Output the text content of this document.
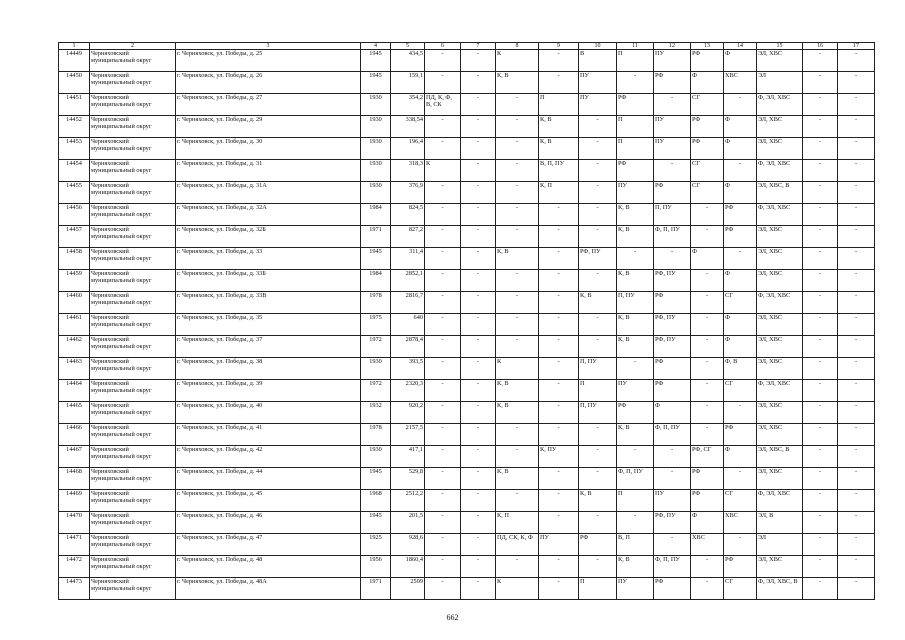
1	2	3	4	5	6	7	8	9	10	11	12	13	14	15	16	17
14449	Черняховский муниципальный округ	г. Черняховск, ул. Победы, д. 25	1945	434,5	-	-	К	-	В	П	ПУ	РФ	Ф	ЭЛ, ХВС	-	-
14450	Черняховский муниципальный округ	г. Черняховск, ул. Победы, д. 26	1945	159,1	-	-	К, В	-	ПУ	-	РФ	Ф	ХВС	ЭЛ	-	-
14451	Черняховский муниципальный округ	г. Черняховск, ул. Победы, д. 27	1930	354,2	ПД, К, Ф, В, СК	-	-	П	ПУ	РФ	-	СГ	-	Ф, ЭЛ, ХВС	-	-
14452	Черняховский муниципальный округ	г. Черняховск, ул. Победы, д. 29	1930	338,54	-	-	-	К, В	-	П	ПУ	РФ	Ф	ЭЛ, ХВС	-	-
14453	Черняховский муниципальный округ	г. Черняховск, ул. Победы, д. 30	1930	196,4	-	-	-	К, В	-	П	ПУ	РФ	Ф	ЭЛ, ХВС	-	-
14454	Черняховский муниципальный округ	г. Черняховск, ул. Победы, д. 31	1930	318,3	К	-	-	В, П, ПУ	-	РФ	-	СГ	-	Ф, ЭЛ, ХВС	-	-
14455	Черняховский муниципальный округ	г. Черняховск, ул. Победы, д. 31А	1930	376,9	-	-	-	К, П	-	ПУ	РФ	СГ	Ф	ЭЛ, ХВС, В	-	-
14456	Черняховский муниципальный округ	г. Черняховск, ул. Победы, д. 32А	1984	824,5	-	-	-	-	-	К, В	П, ПУ	-	РФ	Ф, ЭЛ, ХВС	-	-
14457	Черняховский муниципальный округ	г. Черняховск, ул. Победы, д. 32Б	1971	827,2	-	-	-	-	-	К, В	Ф, П, ПУ	-	РФ	ЭЛ, ХВС	-	-
14458	Черняховский муниципальный округ	г. Черняховск, ул. Победы, д. 33	1945	311,4	-	-	К, В	-	РФ, ПУ	-	-	Ф	-	ЭЛ, ХВС	-	-
14459	Черняховский муниципальный округ	г. Черняховск, ул. Победы, д. 33Б	1984	2852,1	-	-	-	-	-	К, В	РФ, ПУ	-	Ф	ЭЛ, ХВС	-	-
14460	Черняховский муниципальный округ	г. Черняховск, ул. Победы, д. 33В	1978	2816,7	-	-	-	-	К, В	П, ПУ	РФ	-	СГ	Ф, ЭЛ, ХВС	-	-
14461	Черняховский муниципальный округ	г. Черняховск, ул. Победы, д. 35	1975	640	-	-	-	-	-	К, В	РФ, ПУ	-	Ф	ЭЛ, ХВС	-	-
14462	Черняховский муниципальный округ	г. Черняховск, ул. Победы, д. 37	1972	2878,4	-	-	-	-	-	К, В	РФ, ПУ	-	Ф	ЭЛ, ХВС	-	-
14463	Черняховский муниципальный округ	г. Черняховск, ул. Победы, д. 38	1930	393,5	-	-	К	-	П, ПУ	-	РФ	-	Ф, В	ЭЛ, ХВС	-	-
14464	Черняховский муниципальный округ	г. Черняховск, ул. Победы, д. 39	1972	2320,3	-	-	К, В	-	П	ПУ	РФ	-	СГ	Ф, ЭЛ, ХВС	-	-
14465	Черняховский муниципальный округ	г. Черняховск, ул. Победы, д. 40	1932	920,2	-	-	К, В	-	П, ПУ	РФ	Ф	-	-	ЭЛ, ХВС	-	-
14466	Черняховский муниципальный округ	г. Черняховск, ул. Победы, д. 41	1978	2157,5	-	-	-	-	-	К, В	Ф, П, ПУ	-	РФ	ЭЛ, ХВС	-	-
14467	Черняховский муниципальный округ	г. Черняховск, ул. Победы, д. 42	1930	417,1	-	-	-	К, ПУ	-	-	-	РФ, СГ	Ф	ЭЛ, ХВС, В	-	-
14468	Черняховский муниципальный округ	г. Черняховск, ул. Победы, д. 44	1945	529,8	-	-	К, В	-	-	Ф, П, ПУ	-	РФ	-	ЭЛ, ХВС	-	-
14469	Черняховский муниципальный округ	г. Черняховск, ул. Победы, д. 45	1968	2512,2	-	-	-	-	К, В	П	ПУ	РФ	СГ	Ф, ЭЛ, ХВС	-	-
14470	Черняховский муниципальный округ	г. Черняховск, ул. Победы, д. 46	1945	201,5	-	-	К, П	-	-	-	РФ, ПУ	Ф	ХВС	ЭЛ, В	-	-
14471	Черняховский муниципальный округ	г. Черняховск, ул. Победы, д. 47	1925	928,6	-	-	ПД, СК, К, Ф	ПУ	РФ	В, П	-	ХВС	-	ЭЛ	-	-
14472	Черняховский муниципальный округ	г. Черняховск, ул. Победы, д. 48	1956	1860,4	-	-	-	-	-	К, В	Ф, П, ПУ	-	РФ	ЭЛ, ХВС	-	-
14473	Черняховский муниципальный округ	г. Черняховск, ул. Победы, д. 48А	1971	2509	-	-	К	-	П	ПУ	РФ	-	СГ	Ф, ЭЛ, ХВС, В	-	-
662
